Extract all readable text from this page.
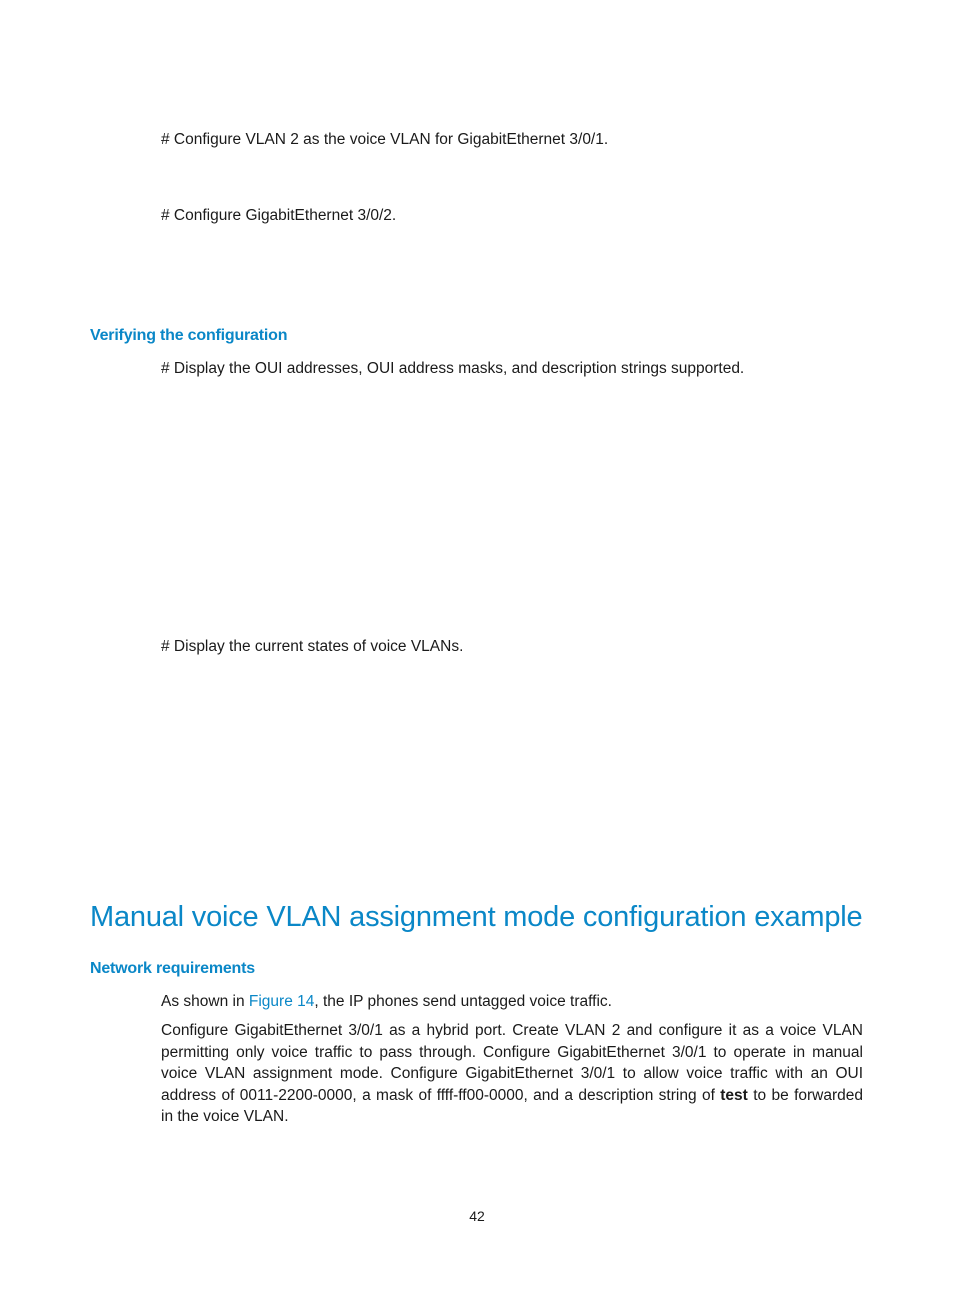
# Configure VLAN 2 as the voice VLAN for GigabitEthernet 3/0/1.
# Configure GigabitEthernet 3/0/2.
Verifying the configuration
# Display the OUI addresses, OUI address masks, and description strings supported.
# Display the current states of voice VLANs.
Manual voice VLAN assignment mode configuration example
Network requirements
As shown in Figure 14, the IP phones send untagged voice traffic.
Configure GigabitEthernet 3/0/1 as a hybrid port. Create VLAN 2 and configure it as a voice VLAN permitting only voice traffic to pass through. Configure GigabitEthernet 3/0/1 to operate in manual voice VLAN assignment mode. Configure GigabitEthernet 3/0/1 to allow voice traffic with an OUI address of 0011-2200-0000, a mask of ffff-ff00-0000, and a description string of test to be forwarded in the voice VLAN.
42
